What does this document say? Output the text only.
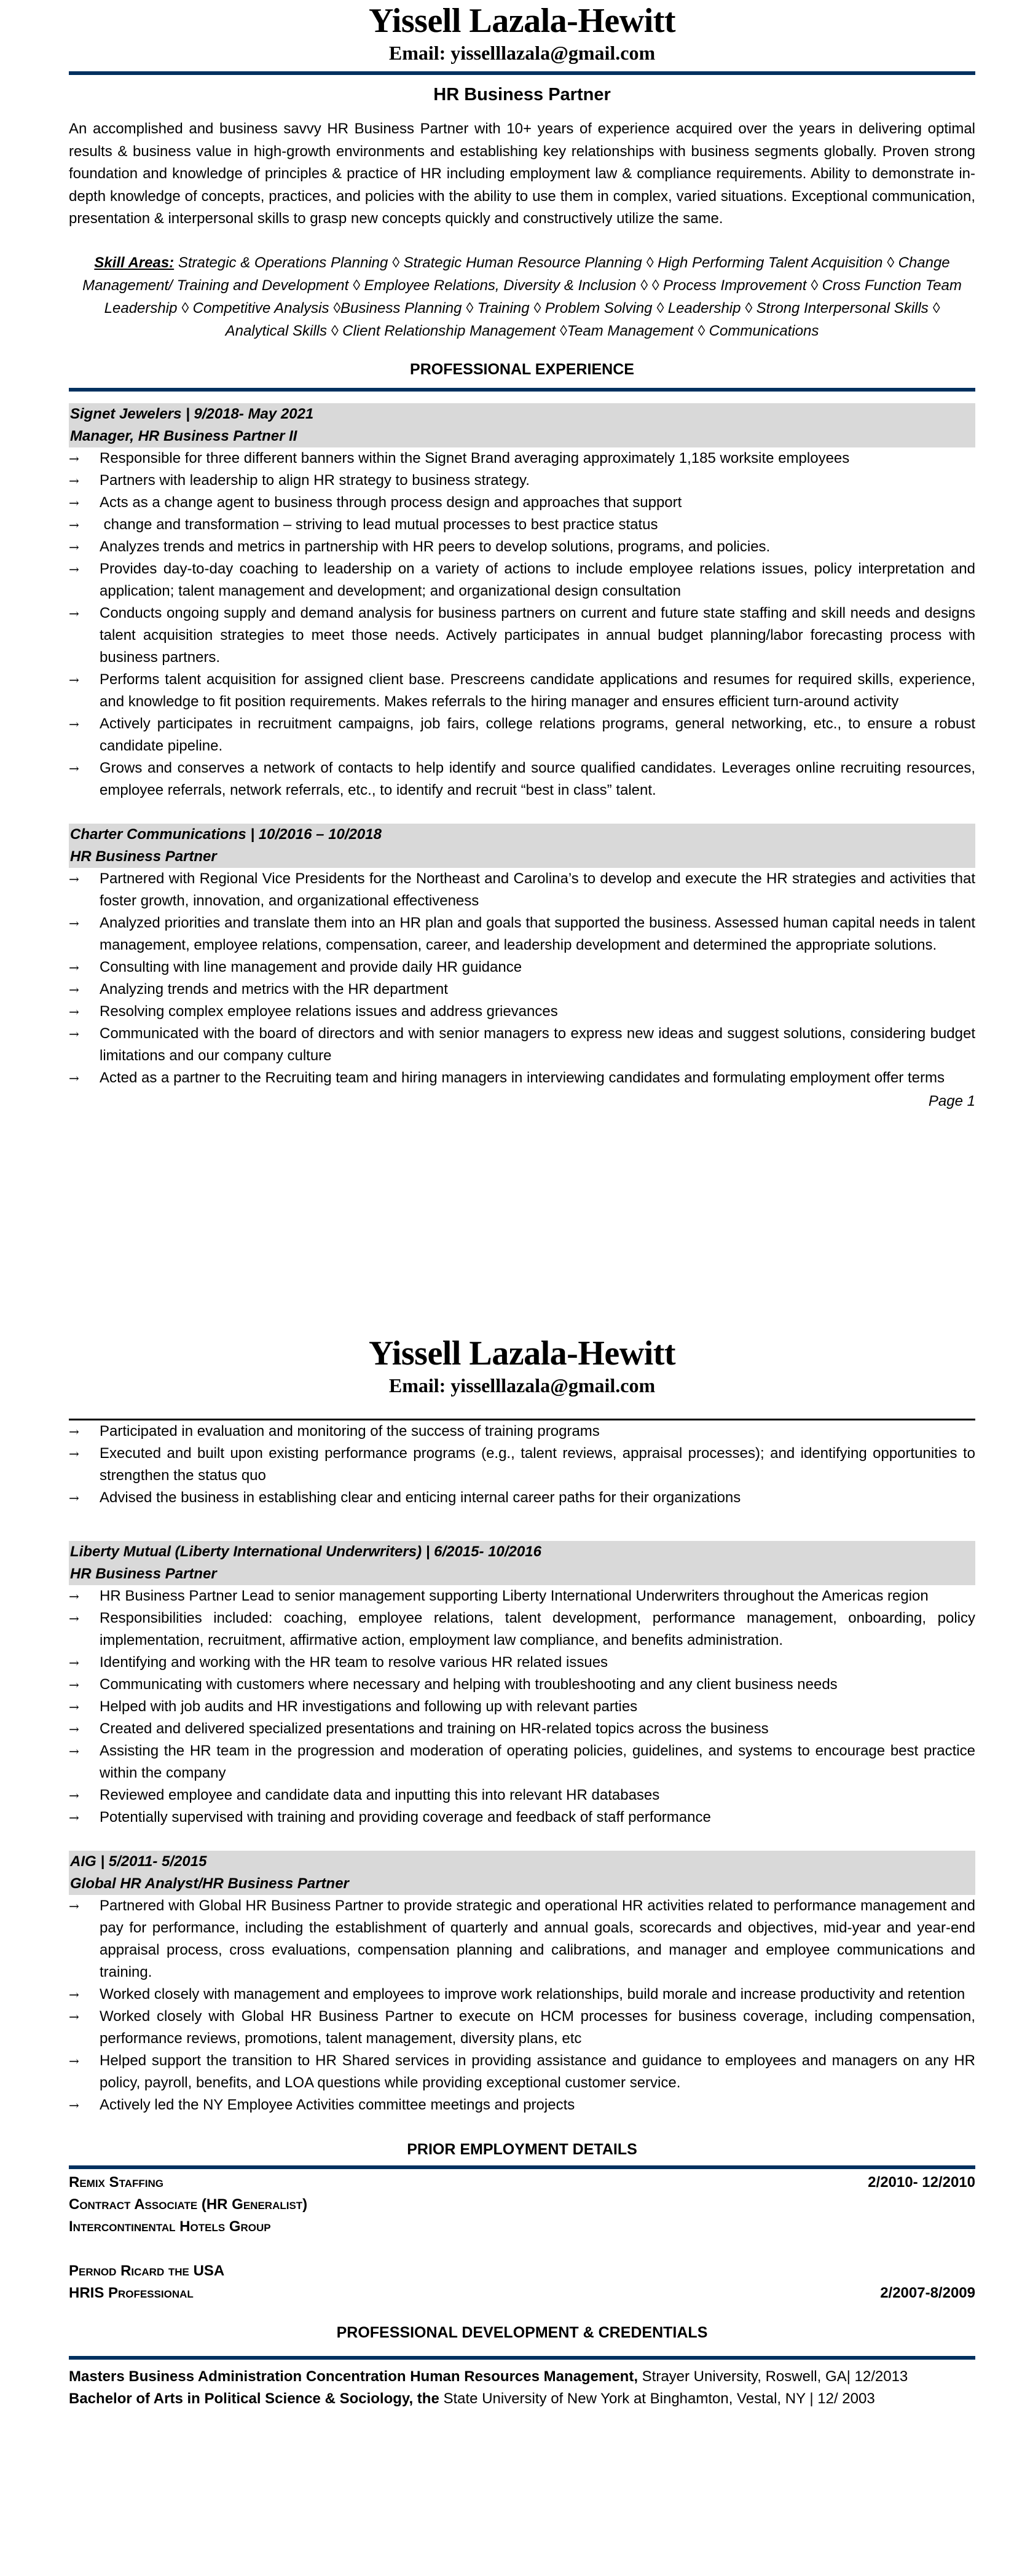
Yissell Lazala-Hewitt
Email: yisselllazala@gmail.com
HR Business Partner
An accomplished and business savvy HR Business Partner with 10+ years of experience acquired over the years in delivering optimal results & business value in high-growth environments and establishing key relationships with business segments globally. Proven strong foundation and knowledge of principles & practice of HR including employment law & compliance requirements. Ability to demonstrate in-depth knowledge of concepts, practices, and policies with the ability to use them in complex, varied situations. Exceptional communication, presentation & interpersonal skills to grasp new concepts quickly and constructively utilize the same.
Skill Areas: Strategic & Operations Planning ◊ Strategic Human Resource Planning ◊ High Performing Talent Acquisition ◊ Change Management/ Training and Development ◊ Employee Relations, Diversity & Inclusion ◊ ◊ Process Improvement ◊ Cross Function Team Leadership ◊ Competitive Analysis ◊Business Planning ◊ Training ◊ Problem Solving ◊ Leadership ◊ Strong Interpersonal Skills ◊ Analytical Skills ◊ Client Relationship Management ◊Team Management ◊ Communications
PROFESSIONAL EXPERIENCE
Signet Jewelers | 9/2018- May 2021
Manager, HR Business Partner II
→ Responsible for three different banners within the Signet Brand averaging approximately 1,185 worksite employees
→ Partners with leadership to align HR strategy to business strategy.
→ Acts as a change agent to business through process design and approaches that support
→ change and transformation – striving to lead mutual processes to best practice status
→ Analyzes trends and metrics in partnership with HR peers to develop solutions, programs, and policies.
→ Provides day-to-day coaching to leadership on a variety of actions to include employee relations issues, policy interpretation and application; talent management and development; and organizational design consultation
→ Conducts ongoing supply and demand analysis for business partners on current and future state staffing and skill needs and designs talent acquisition strategies to meet those needs. Actively participates in annual budget planning/labor forecasting process with business partners.
→ Performs talent acquisition for assigned client base. Prescreens candidate applications and resumes for required skills, experience, and knowledge to fit position requirements. Makes referrals to the hiring manager and ensures efficient turn-around activity
→ Actively participates in recruitment campaigns, job fairs, college relations programs, general networking, etc., to ensure a robust candidate pipeline.
→ Grows and conserves a network of contacts to help identify and source qualified candidates. Leverages online recruiting resources, employee referrals, network referrals, etc., to identify and recruit “best in class” talent.
Charter Communications | 10/2016 – 10/2018
HR Business Partner
→ Partnered with Regional Vice Presidents for the Northeast and Carolina’s to develop and execute the HR strategies and activities that foster growth, innovation, and organizational effectiveness
→ Analyzed priorities and translate them into an HR plan and goals that supported the business. Assessed human capital needs in talent management, employee relations, compensation, career, and leadership development and determined the appropriate solutions.
→ Consulting with line management and provide daily HR guidance
→ Analyzing trends and metrics with the HR department
→ Resolving complex employee relations issues and address grievances
→ Communicated with the board of directors and with senior managers to express new ideas and suggest solutions, considering budget limitations and our company culture
→ Acted as a partner to the Recruiting team and hiring managers in interviewing candidates and formulating employment offer terms
Page 1
Yissell Lazala-Hewitt
Email: yisselllazala@gmail.com
→ Participated in evaluation and monitoring of the success of training programs
→ Executed and built upon existing performance programs (e.g., talent reviews, appraisal processes); and identifying opportunities to strengthen the status quo
→ Advised the business in establishing clear and enticing internal career paths for their organizations
Liberty Mutual (Liberty International Underwriters) | 6/2015- 10/2016
HR Business Partner
→ HR Business Partner Lead to senior management supporting Liberty International Underwriters throughout the Americas region
→ Responsibilities included: coaching, employee relations, talent development, performance management, onboarding, policy implementation, recruitment, affirmative action, employment law compliance, and benefits administration.
→ Identifying and working with the HR team to resolve various HR related issues
→ Communicating with customers where necessary and helping with troubleshooting and any client business needs
→ Helped with job audits and HR investigations and following up with relevant parties
→ Created and delivered specialized presentations and training on HR-related topics across the business
→ Assisting the HR team in the progression and moderation of operating policies, guidelines, and systems to encourage best practice within the company
→ Reviewed employee and candidate data and inputting this into relevant HR databases
→ Potentially supervised with training and providing coverage and feedback of staff performance
AIG | 5/2011- 5/2015
Global HR Analyst/HR Business Partner
→ Partnered with Global HR Business Partner to provide strategic and operational HR activities related to performance management and pay for performance, including the establishment of quarterly and annual goals, scorecards and objectives, mid-year and year-end appraisal process, cross evaluations, compensation planning and calibrations, and manager and employee communications and training.
→ Worked closely with management and employees to improve work relationships, build morale and increase productivity and retention
→ Worked closely with Global HR Business Partner to execute on HCM processes for business coverage, including compensation, performance reviews, promotions, talent management, diversity plans, etc
→ Helped support the transition to HR Shared services in providing assistance and guidance to employees and managers on any HR policy, payroll, benefits, and LOA questions while providing exceptional customer service.
→ Actively led the NY Employee Activities committee meetings and projects
PRIOR EMPLOYMENT DETAILS
Remix Staffing	2/2010- 12/2010
Contract Associate (HR Generalist)
Intercontinental Hotels Group
Pernod Ricard the USA
HRIS Professional	2/2007-8/2009
PROFESSIONAL DEVELOPMENT & CREDENTIALS
Masters Business Administration Concentration Human Resources Management, Strayer University, Roswell, GA| 12/2013
Bachelor of Arts in Political Science & Sociology, the State University of New York at Binghamton, Vestal, NY | 12/ 2003
